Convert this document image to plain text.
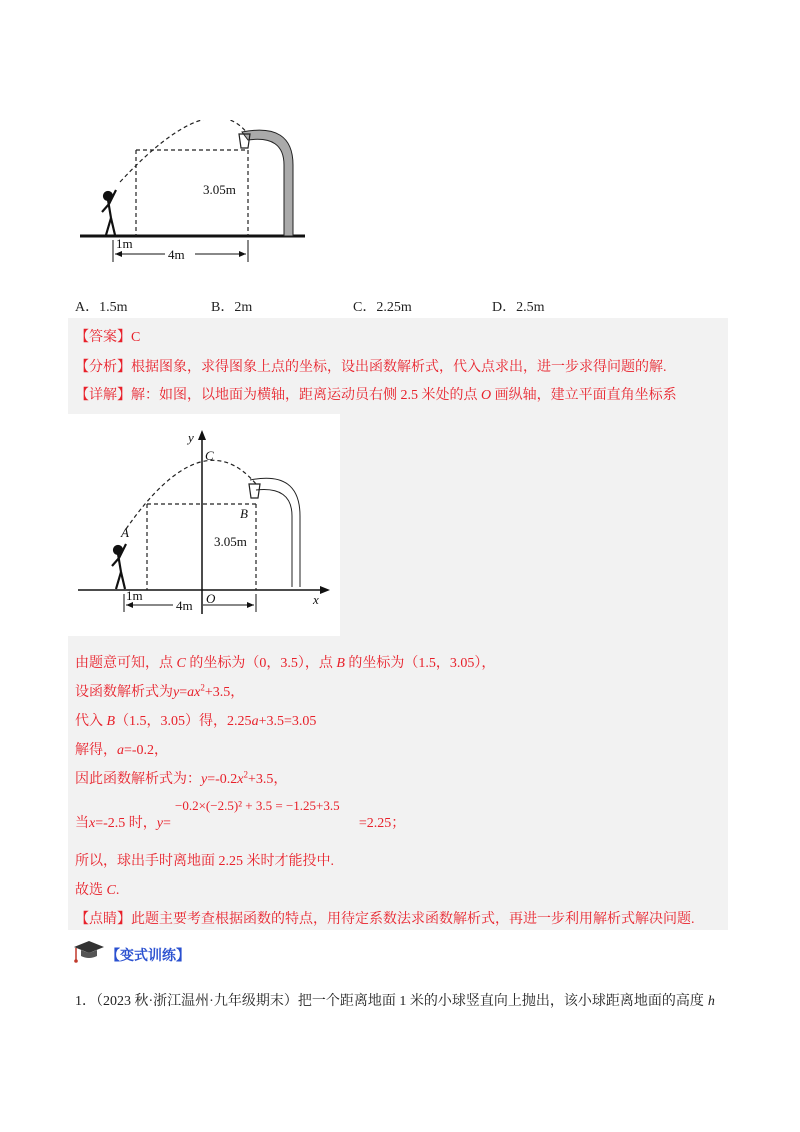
3.05m
1m
4m
A．1.5m	B．2m	C．2.25m	D．2.5m
【答案】C
【分析】根据图象，求得图象上点的坐标，设出函数解析式，代入点求出，进一步求得问题的解.
【详解】解：如图，以地面为横轴，距离运动员右侧 2.5 米处的点 O 画纵轴，建立平面直角坐标系
y
x
C
B
A
O
3.05m
1m
4m
由题意可知，点 C 的坐标为（0，3.5），点 B 的坐标为（1.5，3.05），
设函数解析式为$y=ax^2+3.5$，
代入 B（1.5，3.05）得，2.25a+3.5=3.05
解得，a=-0.2，
因此函数解析式为：$y=-0.2x^2+3.5$，
−0.2×(−2.5)² + 3.5 = −1.25+3.5
当x=-2.5 时，y=	=2.25；
所以，球出手时离地面 2.25 米时才能投中.
故选 C.
【点睛】此题主要考查根据函数的特点，用待定系数法求函数解析式，再进一步利用解析式解决问题.
【变式训练】
1．（2023 秋·浙江温州·九年级期末）把一个距离地面 1 米的小球竖直向上抛出，该小球距离地面的高度 h
